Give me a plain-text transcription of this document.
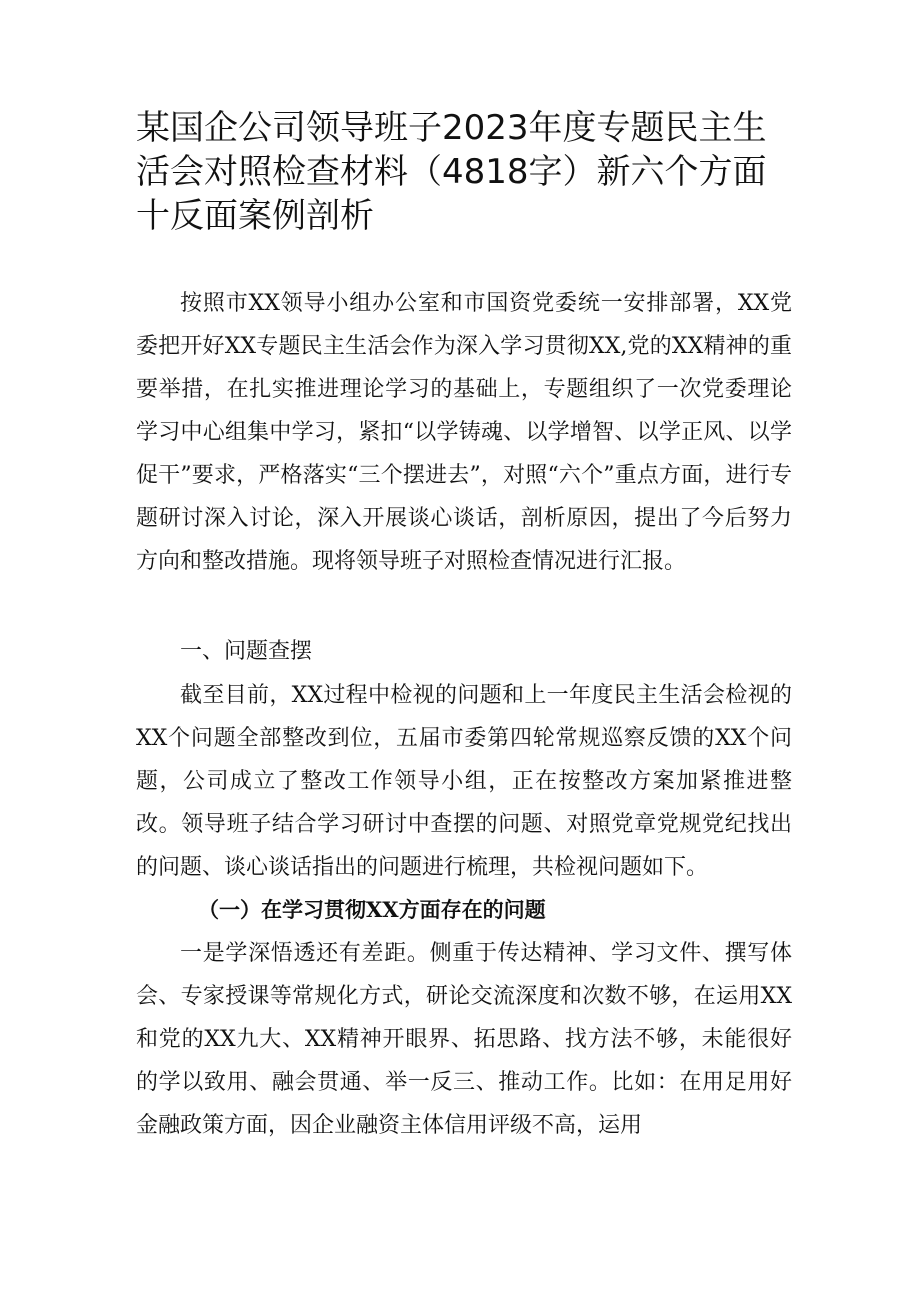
某国企公司领导班子2023年度专题民主生活会对照检查材料（4818字）新六个方面十反面案例剖析

按照市XX领导小组办公室和市国资党委统一安排部署，XX党委把开好XX专题民主生活会作为深入学习贯彻XX,党的XX精神的重要举措，在扎实推进理论学习的基础上，专题组织了一次党委理论学习中心组集中学习，紧扣“以学铸魂、以学增智、以学正风、以学促干”要求，严格落实“三个摆进去”，对照“六个”重点方面，进行专题研讨深入讨论，深入开展谈心谈话，剖析原因，提出了今后努力方向和整改措施。现将领导班子对照检查情况进行汇报。

一、问题查摆

截至目前，XX过程中检视的问题和上一年度民主生活会检视的XX个问题全部整改到位，五届市委第四轮常规巡察反馈的XX个问题，公司成立了整改工作领导小组，正在按整改方案加紧推进整改。领导班子结合学习研讨中查摆的问题、对照党章党规党纪找出的问题、谈心谈话指出的问题进行梳理，共检视问题如下。

（一）在学习贯彻XX方面存在的问题

一是学深悟透还有差距。侧重于传达精神、学习文件、撰写体会、专家授课等常规化方式，研论交流深度和次数不够，在运用XX和党的XX九大、XX精神开眼界、拓思路、找方法不够，未能很好的学以致用、融会贯通、举一反三、推动工作。比如：在用足用好金融政策方面，因企业融资主体信用评级不高，运用
